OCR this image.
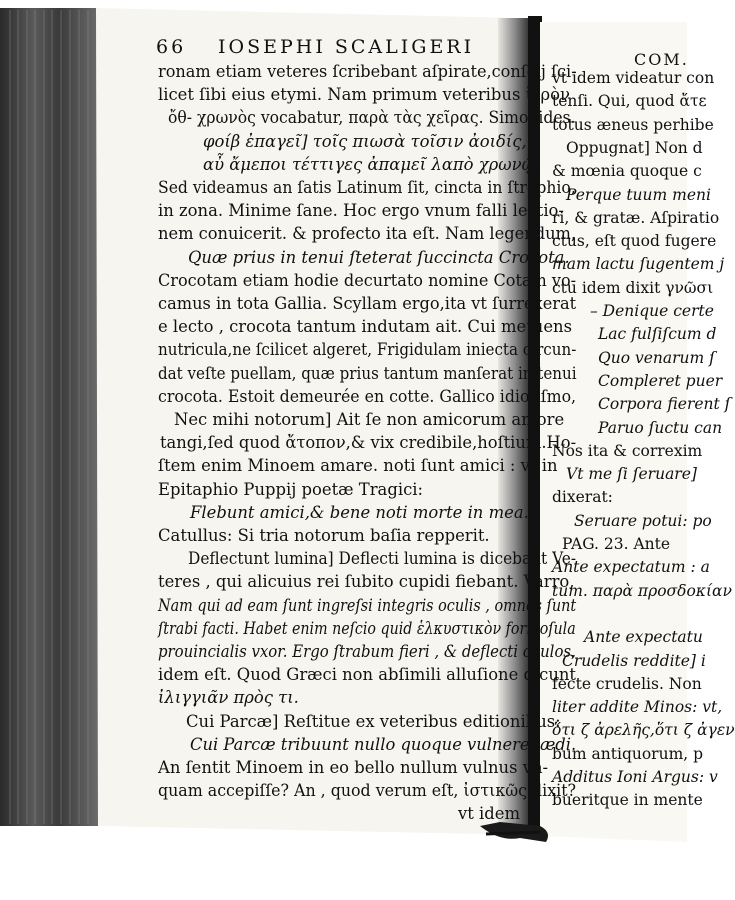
66 IOSEPHI SCALIGERI
ronam etiam veteres ſcribebant aſpirate,conſcij ſci-
licet ſibi eius etymi. Nam primum veteribus ἱερὸν
ὄθ- χρωνὸς vocabatur, παρὰ τὰς χεῖρας. Simonides.
φοίβ ἐπαγεῖ] τοῖς πιωσὰ τοῖσιν ἀοιδίς,
αὖ ἄμεποι τέττιγες ἀπαμεῖ λαπὸ χρωνῷ.
Sed videamus an ſatis Latinum ſit, cincta in ſtrophio,
in zona. Minime ſane. Hoc ergo vnum falli lectio-
nem conuicerit. & profecto ita eſt. Nam legendum,
Quæ prius in tenui ſteterat ſuccincta Crocota.
Crocotam etiam hodie decurtato nomine Cotam vo-
camus in tota Gallia. Scyllam ergo,ita vt ſurrexerat
e lecto , crocota tantum indutam ait. Cui metuens
nutricula,ne ſcilicet algeret, Frigidulam iniecta circun-
dat veſte puellam, quæ prius tantum manſerat in tenui
crocota. Estoit demeurée en cotte. Gallico idiotiſmo,
Nec mihi notorum] Ait ſe non amicorum amore
tangi,ſed quod ἄτοπον,& vix credibile,hoſtium.Ho-
ſtem enim Minoem amare. noti ſunt amici : vt in
Epitaphio Puppij poetæ Tragici:
Flebunt amici,& bene noti morte in mea.
Catullus: Si tria notorum baſia repperit.
Deflectunt lumina] Deflecti lumina is dicebant Ve-
teres , qui alicuius rei ſubito cupidi fiebant. Varro,
Nam qui ad eam ſunt ingreſsi integris oculis , omnes ſunt
ſtrabi facti. Habet enim neſcio quid ἑλκυστικὸν formoſula
prouincialis vxor. Ergo ſtrabum fieri , & deflecti oculos,
idem eſt. Quod Græci non abſimili alluſione dicunt
ἰλιγγιᾶν πρὸς τι.
Cui Parcæ] Reſtitue ex veteribus editionibus:
Cui Parcæ tribuunt nullo quoque vulnere lædi.
An ſentit Minoem in eo bello nullum vulnus vn-
quam accepiſſe? An , quod verum eſt, ἰστικῶς dixit?
vt idem
COM.
vt idem videatur con
tenſi. Qui, quod ἄτε
totus æneus perhibe
Oppugnat] Non d
& mœnia quoque c
Perque tuum meni
ri, & gratæ. Aſpiratio
ctus, eſt quod fugere
mam lactu ſugentem j
ctu idem dixit γνῶσι
– Denique certe
Lac fulſiſcum d
Quo venarum ſ
Compleret puer
Corpora fierent ſ
Paruo ſuctu can
Nos ita & correxim
Vt me ſi ſeruare]
dixerat:
Seruare potui: po
PAG. 23. Ante
Ante expectatum : a
tum. παρὰ προσδοκίαν
Ante expectatu
Crudelis reddite] i
fecte crudelis. Non
liter addite Minos: vt,
ὅτι ζ ἀρελῆς,ὅτι ζ ἀγεν
bum antiquorum, p
Additus Ioni Argus: v
bueritque in mente
